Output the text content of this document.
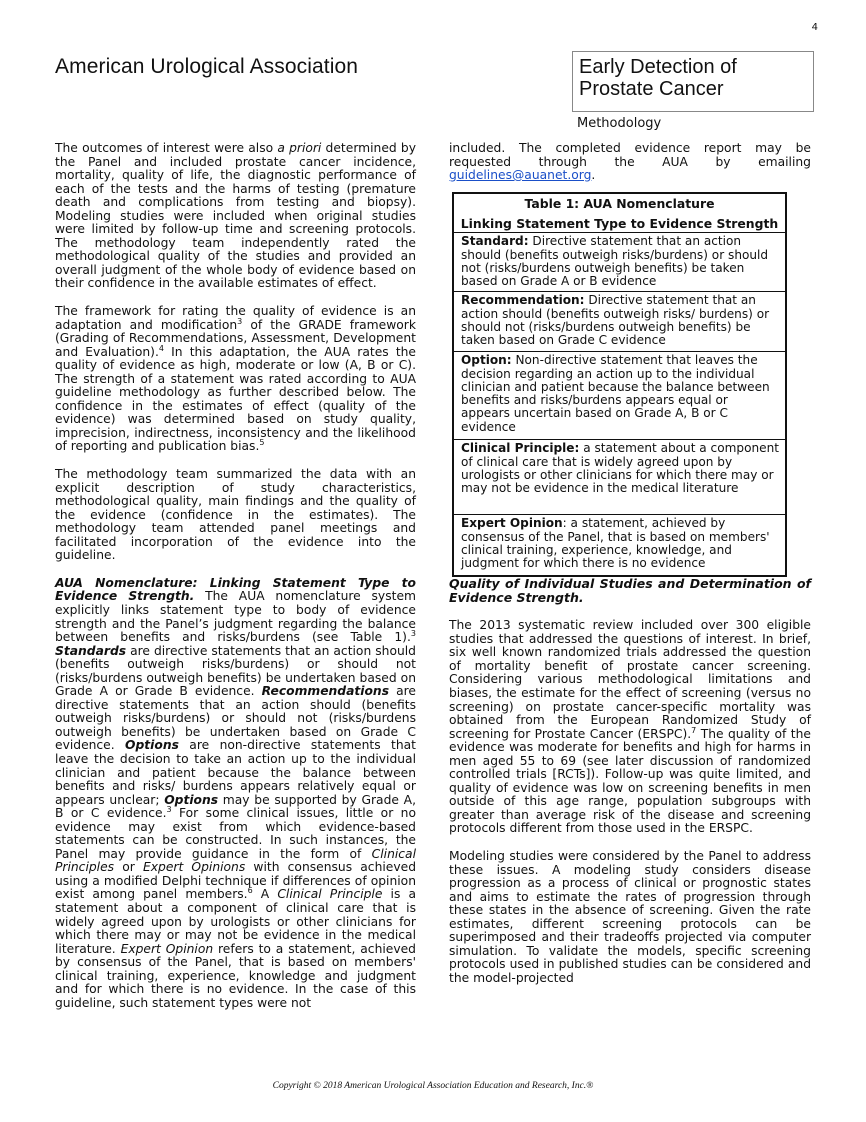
4
American Urological Association	Early Detection of
Prostate Cancer
Methodology

The outcomes of interest were also a priori determined by the Panel and included prostate cancer incidence, mortality, quality of life, the diagnostic performance of each of the tests and the harms of testing (premature death and complications from testing and biopsy). Modeling studies were included when original studies were limited by follow-up time and screening protocols. The methodology team independently rated the methodological quality of the studies and provided an overall judgment of the whole body of evidence based on their confidence in the available estimates of effect.

The framework for rating the quality of evidence is an adaptation and modification$^3$ of the GRADE framework (Grading of Recommendations, Assessment, Development and Evaluation).$^4$ In this adaptation, the AUA rates the quality of evidence as high, moderate or low (A, B or C). The strength of a statement was rated according to AUA guideline methodology as further described below. The confidence in the estimates of effect (quality of the evidence) was determined based on study quality, imprecision, indirectness, inconsistency and the likelihood of reporting and publication bias.$^5$

The methodology team summarized the data with an explicit description of study characteristics, methodological quality, main findings and the quality of the evidence (confidence in the estimates). The methodology team attended panel meetings and facilitated incorporation of the evidence into the guideline.

AUA Nomenclature: Linking Statement Type to Evidence Strength. The AUA nomenclature system explicitly links statement type to body of evidence strength and the Panel’s judgment regarding the balance between benefits and risks/burdens (see Table 1).$^3$ Standards are directive statements that an action should (benefits outweigh risks/burdens) or should not (risks/burdens outweigh benefits) be undertaken based on Grade A or Grade B evidence. Recommendations are directive statements that an action should (benefits outweigh risks/burdens) or should not (risks/burdens outweigh benefits) be undertaken based on Grade C evidence. Options are non-directive statements that leave the decision to take an action up to the individual clinician and patient because the balance between benefits and risks/ burdens appears relatively equal or appears unclear; Options may be supported by Grade A, B or C evidence.$^3$ For some clinical issues, little or no evidence may exist from which evidence-based statements can be constructed. In such instances, the Panel may provide guidance in the form of Clinical Principles or Expert Opinions with consensus achieved using a modified Delphi technique if differences of opinion exist among panel members.$^6$ A Clinical Principle is a statement about a component of clinical care that is widely agreed upon by urologists or other clinicians for which there may or may not be evidence in the medical literature. Expert Opinion refers to a statement, achieved by consensus of the Panel, that is based on members' clinical training, experience, knowledge and judgment and for which there is no evidence. In the case of this guideline, such statement types were not

included. The completed evidence report may be requested through the AUA by emailing guidelines@auanet.org.

Table 1: AUA Nomenclature
Linking Statement Type to Evidence Strength
Standard: Directive statement that an action should (benefits outweigh risks/burdens) or should not (risks/burdens outweigh benefits) be taken based on Grade A or B evidence
Recommendation: Directive statement that an action should (benefits outweigh risks/ burdens) or should not (risks/burdens outweigh benefits) be taken based on Grade C evidence
Option: Non-directive statement that leaves the decision regarding an action up to the individual clinician and patient because the balance between benefits and risks/burdens appears equal or appears uncertain based on Grade A, B or C evidence
Clinical Principle: a statement about a component of clinical care that is widely agreed upon by urologists or other clinicians for which there may or may not be evidence in the medical literature
Expert Opinion: a statement, achieved by consensus of the Panel, that is based on members' clinical training, experience, knowledge, and judgment for which there is no evidence

Quality of Individual Studies and Determination of Evidence Strength.

The 2013 systematic review included over 300 eligible studies that addressed the questions of interest. In brief, six well known randomized trials addressed the question of mortality benefit of prostate cancer screening. Considering various methodological limitations and biases, the estimate for the effect of screening (versus no screening) on prostate cancer-specific mortality was obtained from the European Randomized Study of screening for Prostate Cancer (ERSPC).$^7$ The quality of the evidence was moderate for benefits and high for harms in men aged 55 to 69 (see later discussion of randomized controlled trials [RCTs]). Follow-up was quite limited, and quality of evidence was low on screening benefits in men outside of this age range, population subgroups with greater than average risk of the disease and screening protocols different from those used in the ERSPC.

Modeling studies were considered by the Panel to address these issues. A modeling study considers disease progression as a process of clinical or prognostic states and aims to estimate the rates of progression through these states in the absence of screening. Given the rate estimates, different screening protocols can be superimposed and their tradeoffs projected via computer simulation. To validate the models, specific screening protocols used in published studies can be considered and the model-projected

Copyright © 2018 American Urological Association Education and Research, Inc.®
